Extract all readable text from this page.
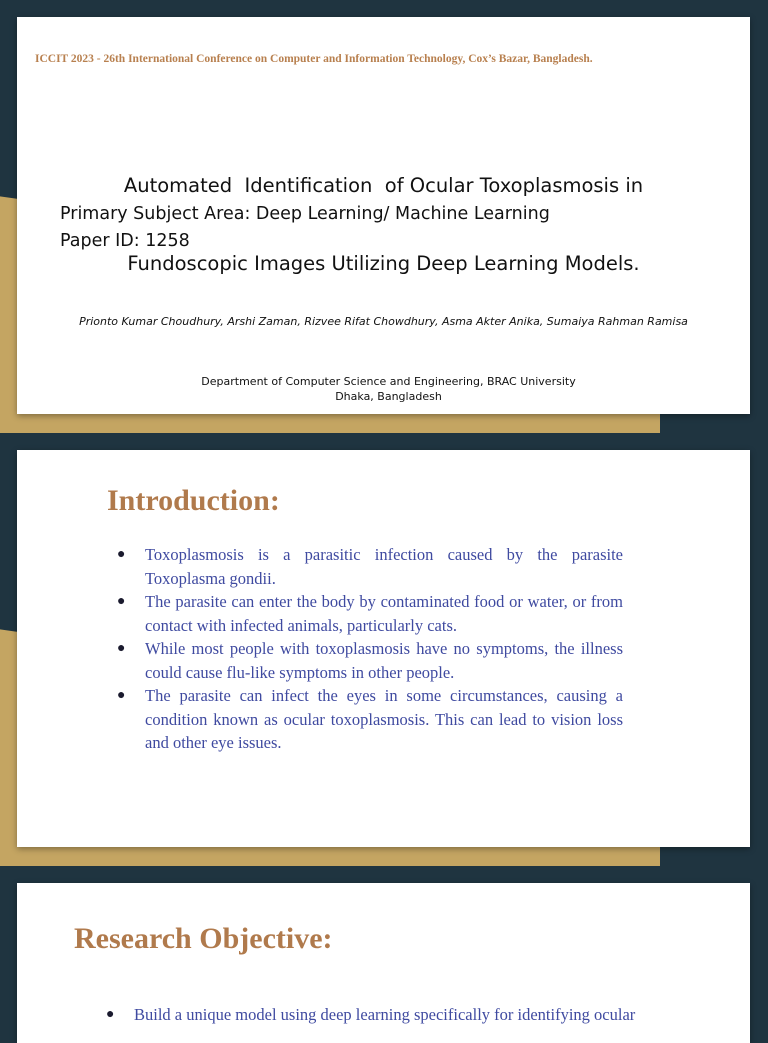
ICCIT 2023 - 26th International Conference on Computer and Information Technology, Cox’s Bazar, Bangladesh.

Automated  Identification  of Ocular Toxoplasmosis in

Fundoscopic Images Utilizing Deep Learning Models.

Primary Subject Area: Deep Learning/ Machine Learning
Paper ID: 1258
Prionto Kumar Choudhury, Arshi Zaman, Rizvee Rifat Chowdhury, Asma Akter Anika, Sumaiya Rahman Ramisa
Department of Computer Science and Engineering, BRAC University
Dhaka, Bangladesh
Introduction:
● Toxoplasmosis is a parasitic infection caused by the parasite Toxoplasma gondii.
● The parasite can enter the body by contaminated food or water, or from contact with infected animals, particularly cats.
● While most people with toxoplasmosis have no symptoms, the illness could cause flu-like symptoms in other people.
● The parasite can infect the eyes in some circumstances, causing a condition known as ocular toxoplasmosis. This can lead to vision loss and other eye issues.
Research Objective:
● Build a unique model using deep learning specifically for identifying ocular
